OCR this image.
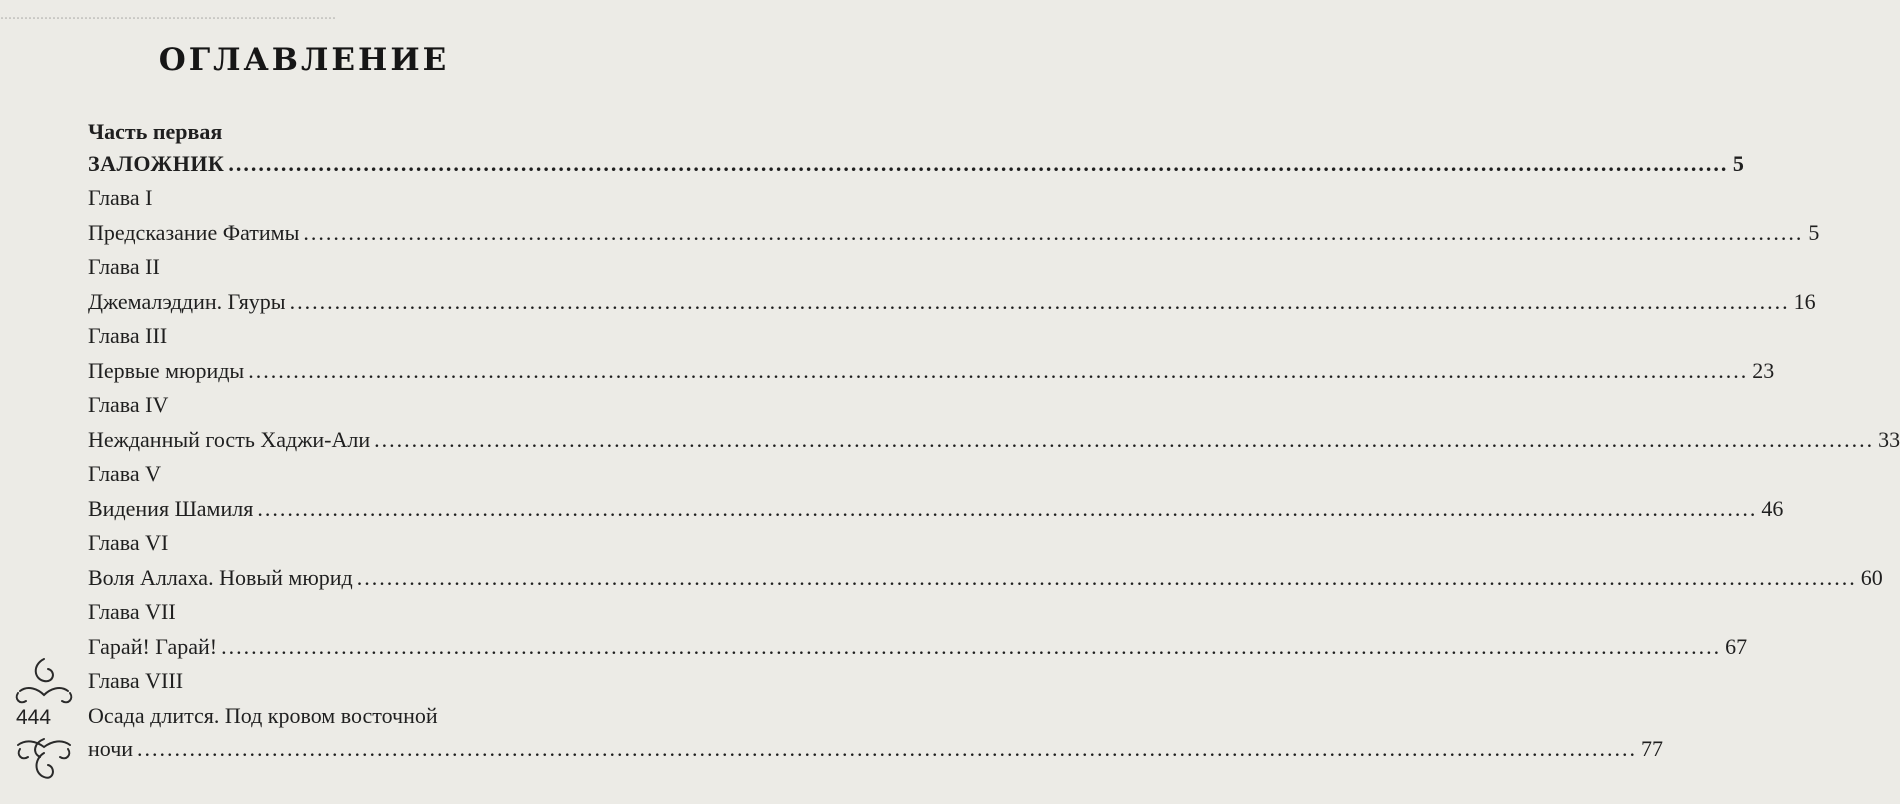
....................................................................................
ОГЛАВЛЕНИЕ
Часть первая
ЗАЛОЖНИК ........................................................................................................................................................................................................ 5
Глава I
Предсказание Фатимы ........................................................................................................................................................................................................ 5
Глава II
Джемалэддин. Гяуры ........................................................................................................................................................................................................ 16
Глава III
Первые мюриды ........................................................................................................................................................................................................ 23
Глава IV
Нежданный гость Хаджи-Али ........................................................................................................................................................................................................ 33
Глава V
Видения Шамиля ........................................................................................................................................................................................................ 46
Глава VI
Воля Аллаха. Новый мюрид ........................................................................................................................................................................................................ 60
Глава VII
Гарай! Гарай! ........................................................................................................................................................................................................ 67
Глава VIII
Осада длится. Под кровом восточной
ночи ........................................................................................................................................................................................................ 77
444
